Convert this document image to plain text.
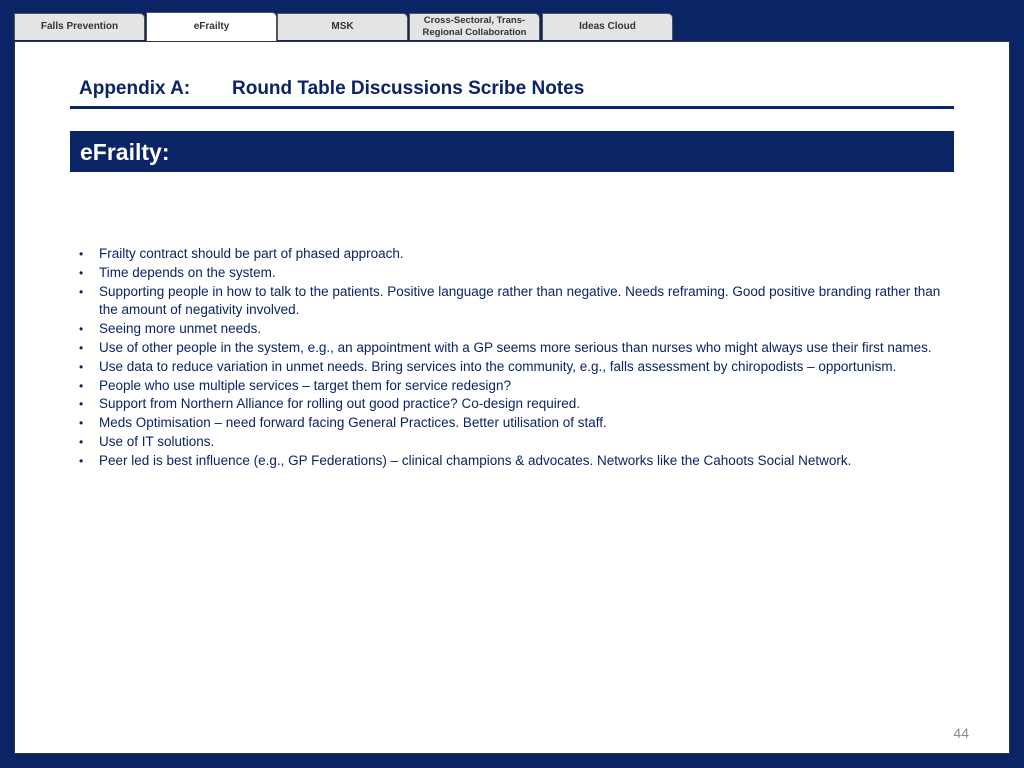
Falls Prevention	eFrailty	MSK
Cross-Sectoral, Trans-
Regional Collaboration
Ideas Cloud
Appendix A: Round Table Discussions Scribe Notes
eFrailty:
• Frailty contract should be part of phased approach.
• Time depends on the system.
• Supporting people in how to talk to the patients. Positive language rather than negative. Needs reframing. Good positive branding rather than the amount of negativity involved.
• Seeing more unmet needs.
• Use of other people in the system, e.g., an appointment with a GP seems more serious than nurses who might always use their first names.
• Use data to reduce variation in unmet needs. Bring services into the community, e.g., falls assessment by chiropodists – opportunism.
• People who use multiple services – target them for service redesign?
• Support from Northern Alliance for rolling out good practice? Co-design required.
• Meds Optimisation – need forward facing General Practices. Better utilisation of staff.
• Use of IT solutions.
• Peer led is best influence (e.g., GP Federations) – clinical champions & advocates. Networks like the Cahoots Social Network.
44
